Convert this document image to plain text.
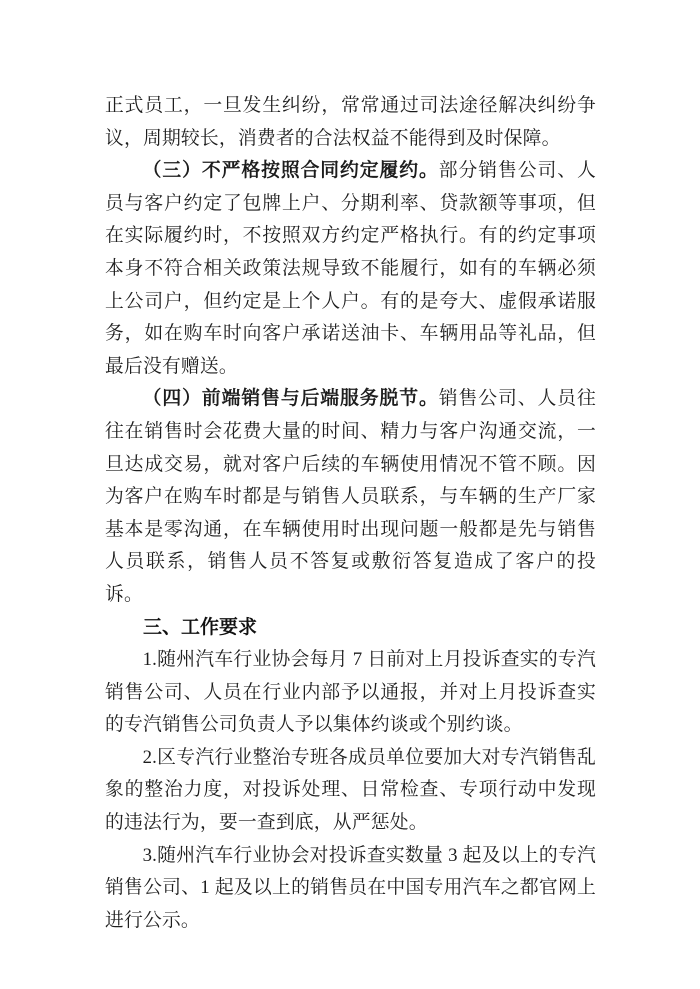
正式员工，一旦发生纠纷，常常通过司法途径解决纠纷争议，周期较长，消费者的合法权益不能得到及时保障。

（三）不严格按照合同约定履约。部分销售公司、人员与客户约定了包牌上户、分期利率、贷款额等事项，但在实际履约时，不按照双方约定严格执行。有的约定事项本身不符合相关政策法规导致不能履行，如有的车辆必须上公司户，但约定是上个人户。有的是夸大、虚假承诺服务，如在购车时向客户承诺送油卡、车辆用品等礼品，但最后没有赠送。

（四）前端销售与后端服务脱节。销售公司、人员往往在销售时会花费大量的时间、精力与客户沟通交流，一旦达成交易，就对客户后续的车辆使用情况不管不顾。因为客户在购车时都是与销售人员联系，与车辆的生产厂家基本是零沟通，在车辆使用时出现问题一般都是先与销售人员联系，销售人员不答复或敷衍答复造成了客户的投诉。

三、工作要求

1.随州汽车行业协会每月 7 日前对上月投诉查实的专汽销售公司、人员在行业内部予以通报，并对上月投诉查实的专汽销售公司负责人予以集体约谈或个别约谈。

2.区专汽行业整治专班各成员单位要加大对专汽销售乱象的整治力度，对投诉处理、日常检查、专项行动中发现的违法行为，要一查到底，从严惩处。

3.随州汽车行业协会对投诉查实数量 3 起及以上的专汽销售公司、1 起及以上的销售员在中国专用汽车之都官网上进行公示。
